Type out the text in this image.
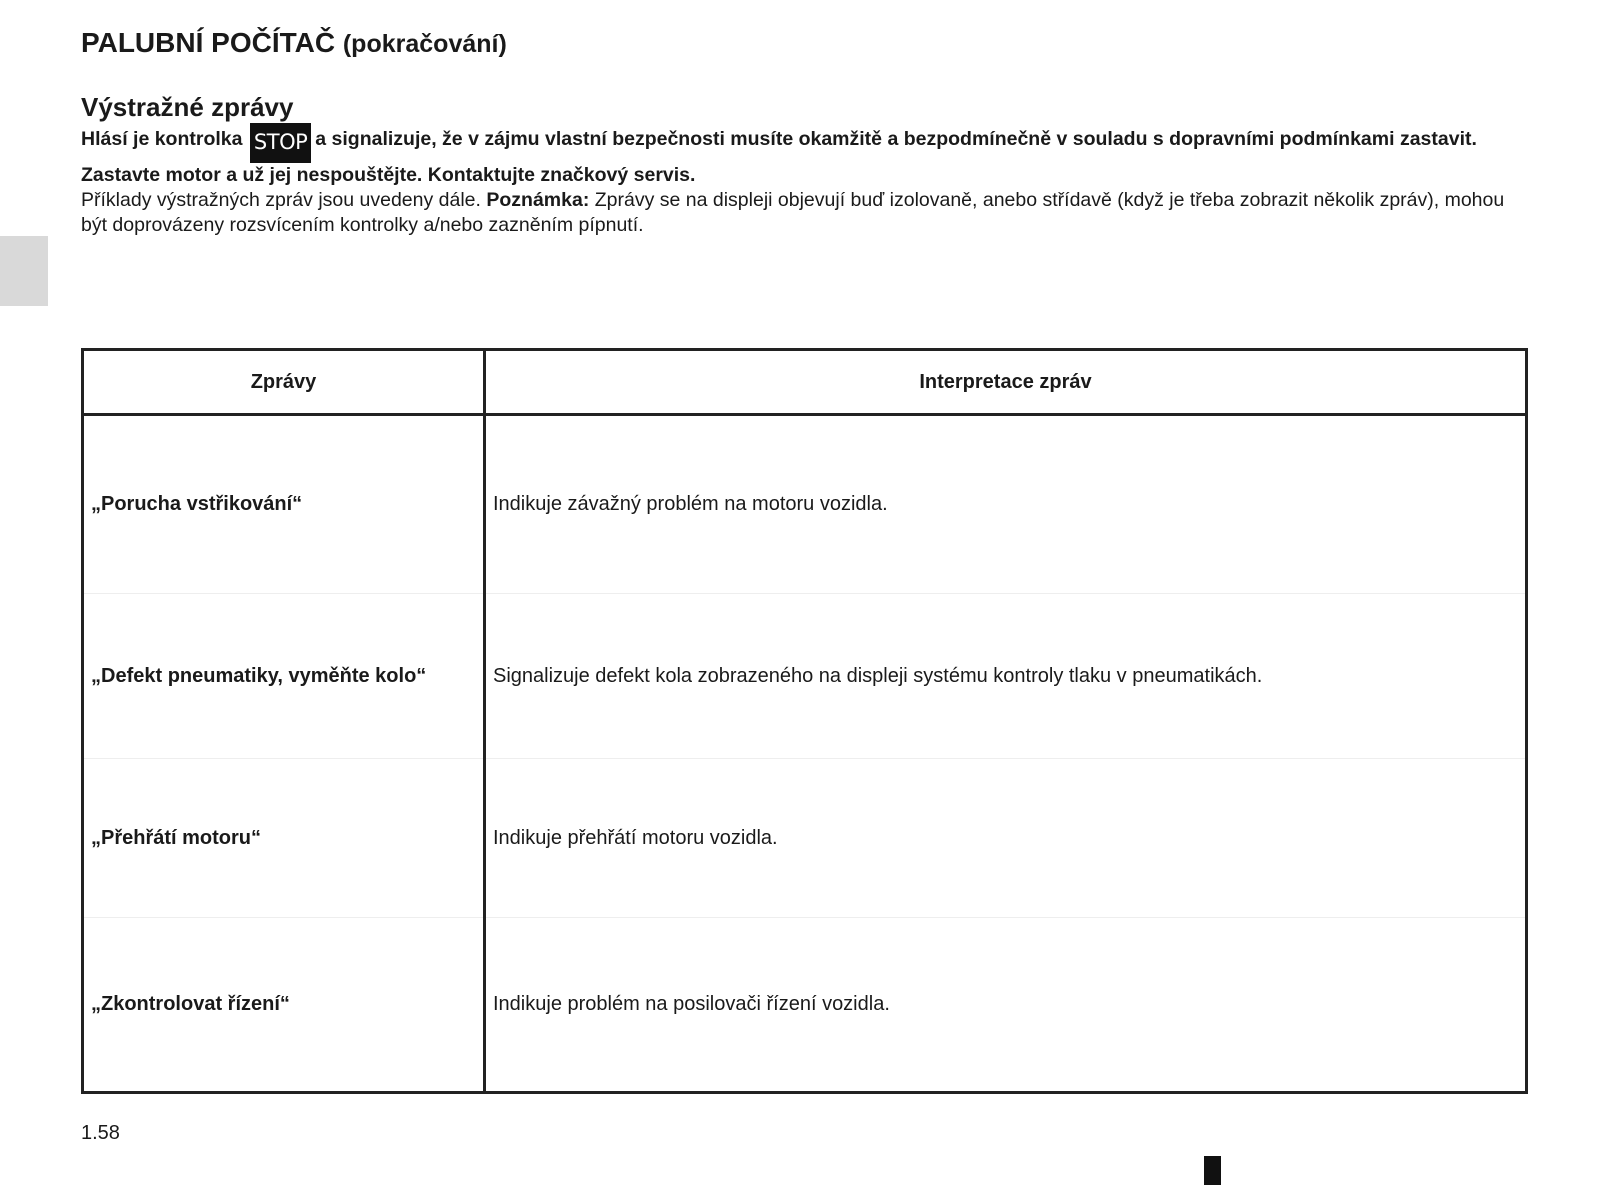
PALUBNÍ POČÍTAČ (pokračování)
Výstražné zprávy

Hlásí je kontrolka STOP a signalizuje, že v zájmu vlastní bezpečnosti musíte okamžitě a bezpodmínečně v souladu s dopravními podmínkami zastavit. Zastavte motor a už jej nespouštějte. Kontaktujte značkový servis.

Příklady výstražných zpráv jsou uvedeny dále. Poznámka: Zprávy se na displeji objevují buď izolovaně, anebo střídavě (když je třeba zobrazit několik zpráv), mohou být doprovázeny rozsvícením kontrolky a/nebo zazněním pípnutí.

Zprávy	Interpretace zpráv
„Porucha vstřikování“	Indikuje závažný problém na motoru vozidla.
„Defekt pneumatiky, vyměňte kolo“	Signalizuje defekt kola zobrazeného na displeji systému kontroly tlaku v pneumatikách.
„Přehřátí motoru“	Indikuje přehřátí motoru vozidla.
„Zkontrolovat řízení“	Indikuje problém na posilovači řízení vozidla.
1.58
